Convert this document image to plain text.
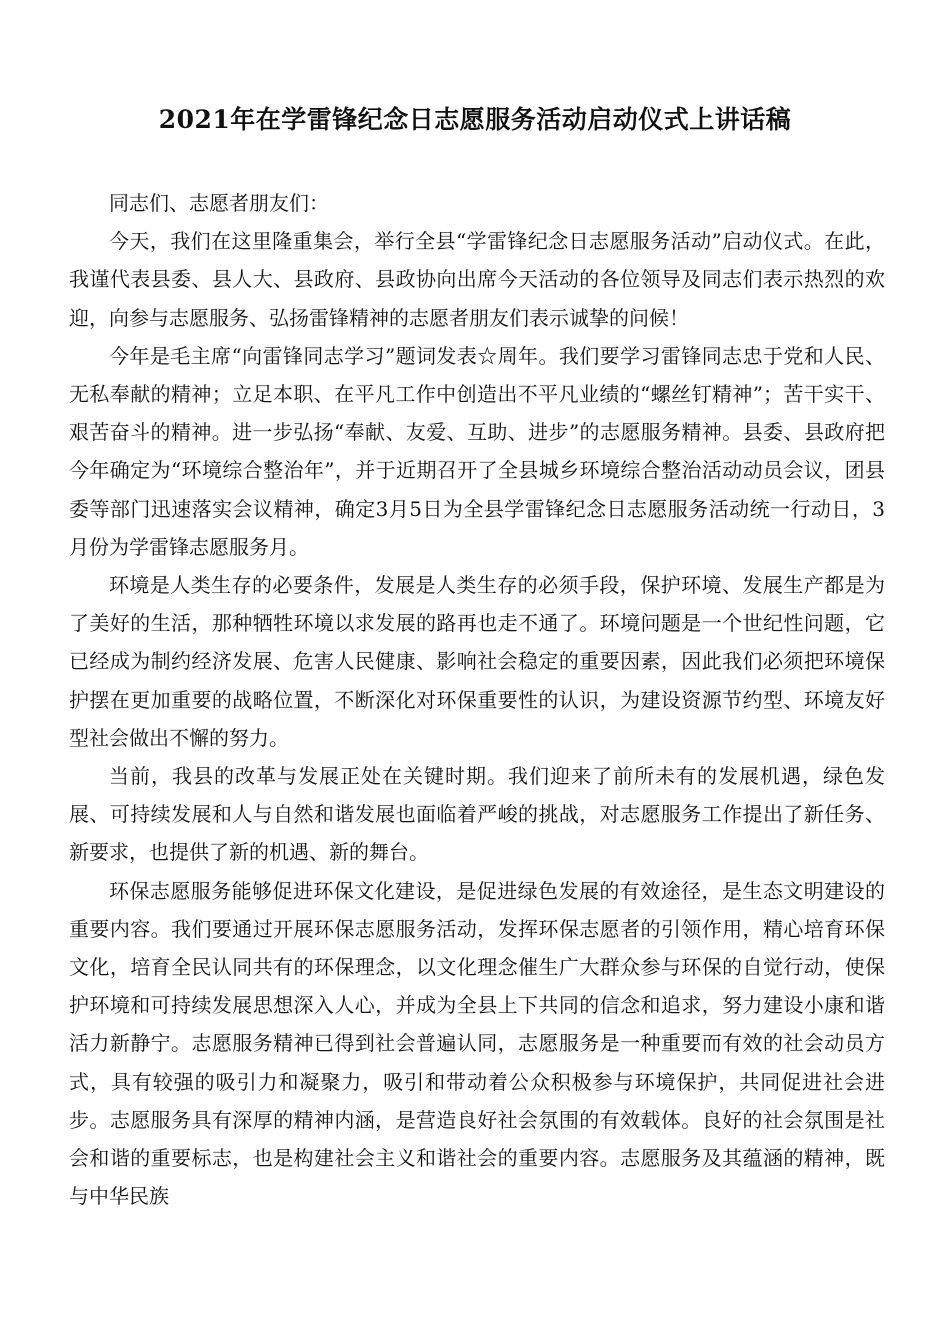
2021年在学雷锋纪念日志愿服务活动启动仪式上讲话稿

同志们、志愿者朋友们：

今天，我们在这里隆重集会，举行全县“学雷锋纪念日志愿服务活动”启动仪式。在此，我谨代表县委、县人大、县政府、县政协向出席今天活动的各位领导及同志们表示热烈的欢迎，向参与志愿服务、弘扬雷锋精神的志愿者朋友们表示诚挚的问候！

今年是毛主席“向雷锋同志学习”题词发表☆周年。我们要学习雷锋同志忠于党和人民、无私奉献的精神；立足本职、在平凡工作中创造出不平凡业绩的“螺丝钉精神”；苦干实干、艰苦奋斗的精神。进一步弘扬“奉献、友爱、互助、进步”的志愿服务精神。县委、县政府把今年确定为“环境综合整治年”，并于近期召开了全县城乡环境综合整治活动动员会议，团县委等部门迅速落实会议精神，确定3月5日为全县学雷锋纪念日志愿服务活动统一行动日，3月份为学雷锋志愿服务月。

环境是人类生存的必要条件，发展是人类生存的必须手段，保护环境、发展生产都是为了美好的生活，那种牺牲环境以求发展的路再也走不通了。环境问题是一个世纪性问题，它已经成为制约经济发展、危害人民健康、影响社会稳定的重要因素，因此我们必须把环境保护摆在更加重要的战略位置，不断深化对环保重要性的认识，为建设资源节约型、环境友好型社会做出不懈的努力。

当前，我县的改革与发展正处在关键时期。我们迎来了前所未有的发展机遇，绿色发展、可持续发展和人与自然和谐发展也面临着严峻的挑战，对志愿服务工作提出了新任务、新要求，也提供了新的机遇、新的舞台。

环保志愿服务能够促进环保文化建设，是促进绿色发展的有效途径，是生态文明建设的重要内容。我们要通过开展环保志愿服务活动，发挥环保志愿者的引领作用，精心培育环保文化，培育全民认同共有的环保理念，以文化理念催生广大群众参与环保的自觉行动，使保护环境和可持续发展思想深入人心，并成为全县上下共同的信念和追求，努力建设小康和谐活力新静宁。志愿服务精神已得到社会普遍认同，志愿服务是一种重要而有效的社会动员方式，具有较强的吸引力和凝聚力，吸引和带动着公众积极参与环境保护，共同促进社会进步。志愿服务具有深厚的精神内涵，是营造良好社会氛围的有效载体。良好的社会氛围是社会和谐的重要标志，也是构建社会主义和谐社会的重要内容。志愿服务及其蕴涵的精神，既与中华民族
